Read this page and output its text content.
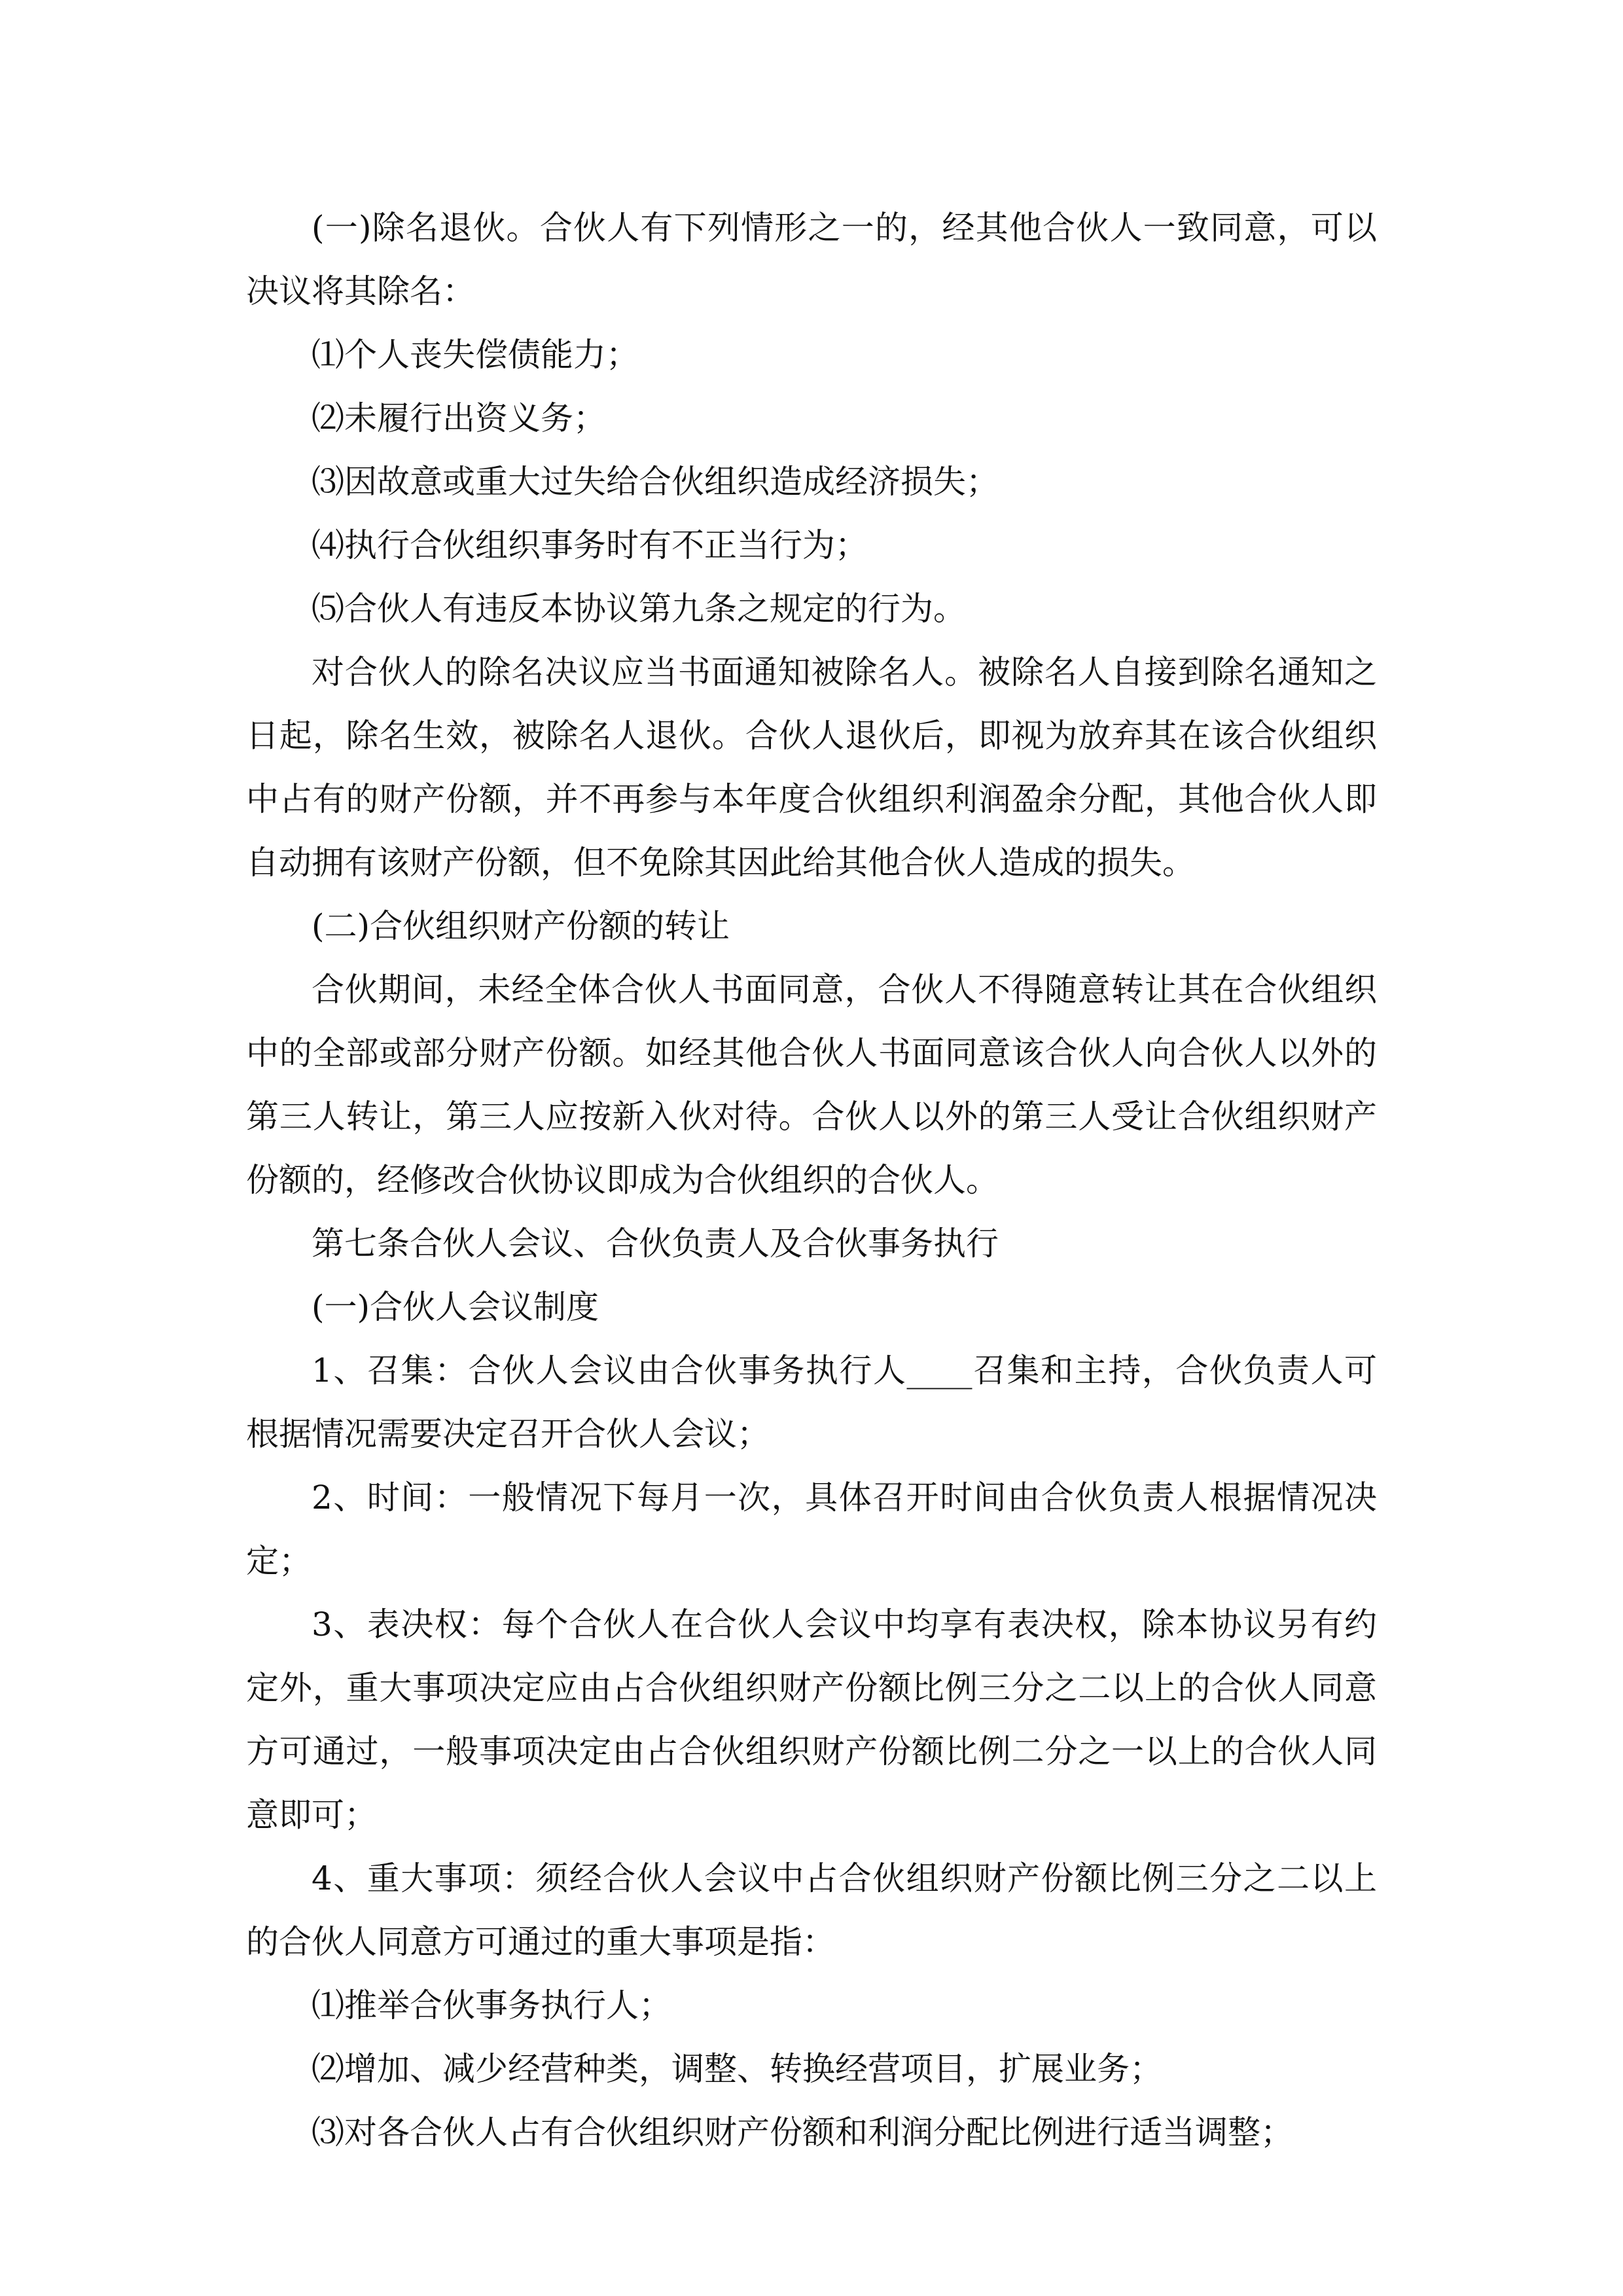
(一)除名退伙。合伙人有下列情形之一的，经其他合伙人一致同意，可以决议将其除名：

⑴个人丧失偿债能力；

⑵未履行出资义务；

⑶因故意或重大过失给合伙组织造成经济损失；

⑷执行合伙组织事务时有不正当行为；

⑸合伙人有违反本协议第九条之规定的行为。

对合伙人的除名决议应当书面通知被除名人。被除名人自接到除名通知之日起，除名生效，被除名人退伙。合伙人退伙后，即视为放弃其在该合伙组织中占有的财产份额，并不再参与本年度合伙组织利润盈余分配，其他合伙人即自动拥有该财产份额，但不免除其因此给其他合伙人造成的损失。

(二)合伙组织财产份额的转让

合伙期间，未经全体合伙人书面同意，合伙人不得随意转让其在合伙组织中的全部或部分财产份额。如经其他合伙人书面同意该合伙人向合伙人以外的第三人转让，第三人应按新入伙对待。合伙人以外的第三人受让合伙组织财产份额的，经修改合伙协议即成为合伙组织的合伙人。

第七条合伙人会议、合伙负责人及合伙事务执行

(一)合伙人会议制度

1、召集：合伙人会议由合伙事务执行人____召集和主持，合伙负责人可根据情况需要决定召开合伙人会议；

2、时间：一般情况下每月一次，具体召开时间由合伙负责人根据情况决定；

3、表决权：每个合伙人在合伙人会议中均享有表决权，除本协议另有约定外，重大事项决定应由占合伙组织财产份额比例三分之二以上的合伙人同意方可通过，一般事项决定由占合伙组织财产份额比例二分之一以上的合伙人同意即可；

4、重大事项：须经合伙人会议中占合伙组织财产份额比例三分之二以上的合伙人同意方可通过的重大事项是指：

⑴推举合伙事务执行人；

⑵增加、减少经营种类，调整、转换经营项目，扩展业务；

⑶对各合伙人占有合伙组织财产份额和利润分配比例进行适当调整；
